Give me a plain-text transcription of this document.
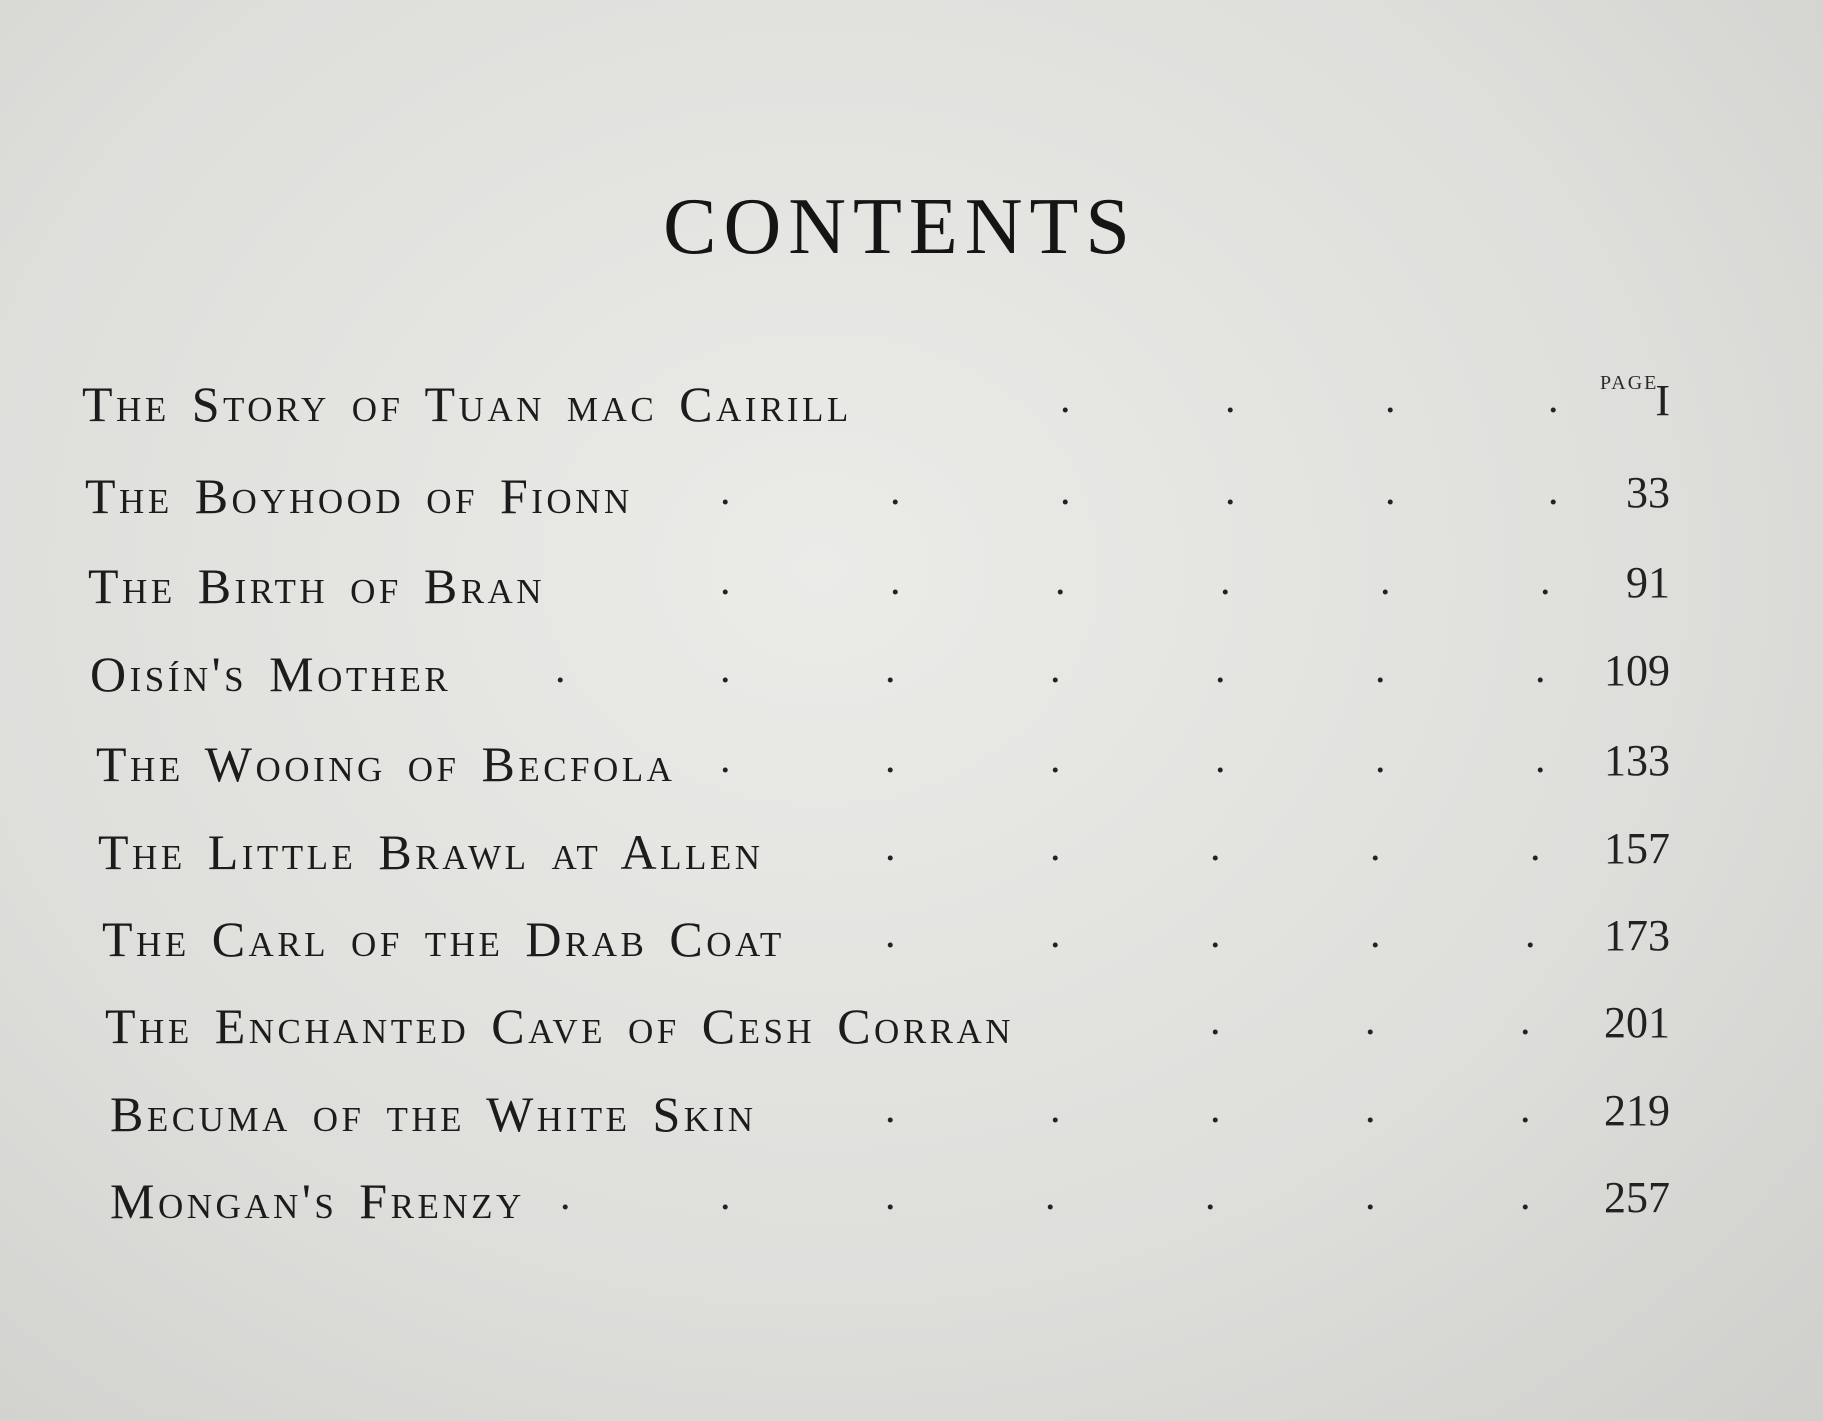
CONTENTS
PAGE
The Story of Tuan mac Cairill	.	.	.	.	I
The Boyhood of Fionn .	.	.	.	.	.	33
The Birth of Bran	.	.	.	.	.	.	91
Oisín's Mother .	.	.	.	.	.	.	109
The Wooing of Becfola .	.	.	.	.	.	133
The Little Brawl at Allen	.	.	.	.	.	157
The Carl of the Drab Coat .	.	.	.	.	173
The Enchanted Cave of Cesh Corran	.	.	.	201
Becuma of the White Skin	.	.	.	.	.	219
Mongan's Frenzy .	.	.	.	.	.	.	257
